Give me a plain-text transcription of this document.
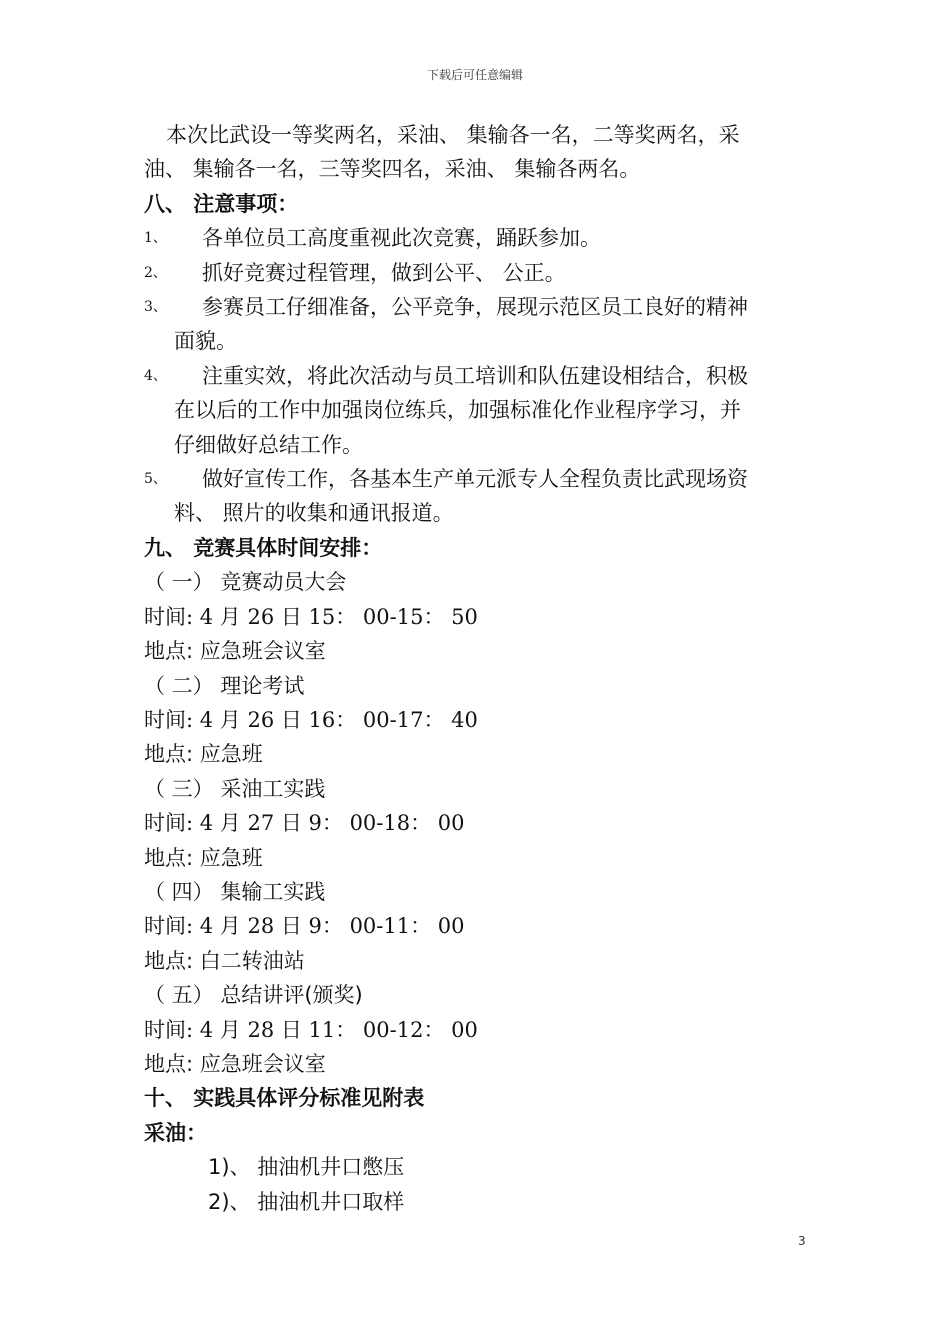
下载后可任意编辑
本次比武设一等奖两名，采油、 集输各一名，二等奖两名，采
油、 集输各一名，三等奖四名，采油、 集输各两名。
八、 注意事项：
1、	各单位员工高度重视此次竞赛，踊跃参加。
2、	抓好竞赛过程管理，做到公平、 公正。
3、	参赛员工仔细准备，公平竞争，展现示范区员工良好的精神
面貌。
4、	注重实效，将此次活动与员工培训和队伍建设相结合，积极
在以后的工作中加强岗位练兵，加强标准化作业程序学习，并
仔细做好总结工作。
5、	做好宣传工作，各基本生产单元派专人全程负责比武现场资
料、 照片的收集和通讯报道。
九、 竞赛具体时间安排：
（ 一） 竞赛动员大会
时间: 4 月 26 日 15： 00-15： 50
地点: 应急班会议室
（ 二） 理论考试
时间: 4 月 26 日 16： 00-17： 40
地点: 应急班
（ 三） 采油工实践
时间: 4 月 27 日 9： 00-18： 00
地点: 应急班
（ 四） 集输工实践
时间: 4 月 28 日 9： 00-11： 00
地点: 白二转油站
（ 五） 总结讲评(颁奖)
时间: 4 月 28 日 11： 00-12： 00
地点: 应急班会议室
十、 实践具体评分标准见附表
采油：
1)、 抽油机井口憋压
2)、 抽油机井口取样
3
